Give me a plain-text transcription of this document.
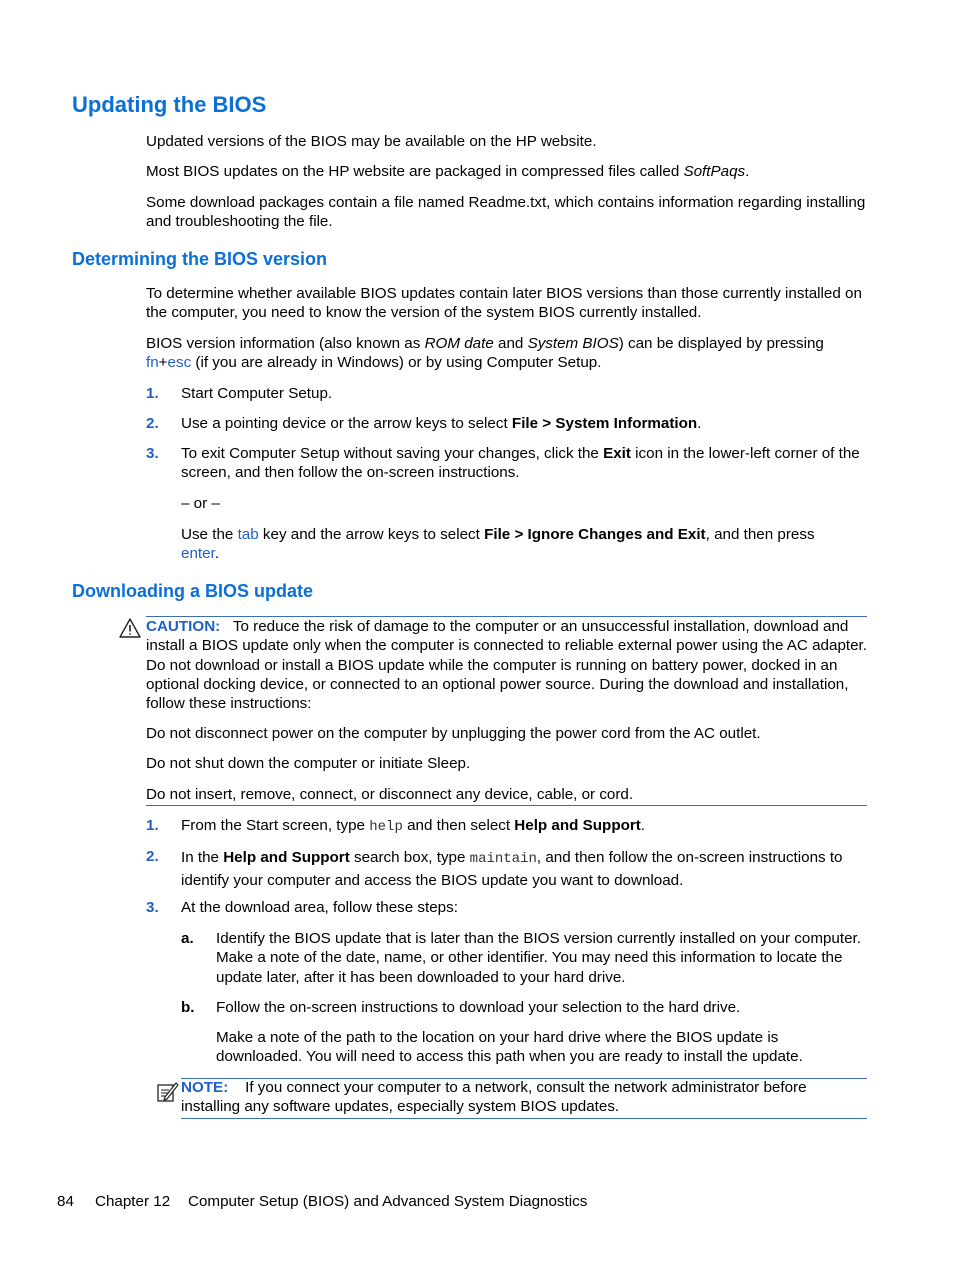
Updating the BIOS

Updated versions of the BIOS may be available on the HP website.

Most BIOS updates on the HP website are packaged in compressed files called SoftPaqs.

Some download packages contain a file named Readme.txt, which contains information regarding installing and troubleshooting the file.

Determining the BIOS version

To determine whether available BIOS updates contain later BIOS versions than those currently installed on the computer, you need to know the version of the system BIOS currently installed.

BIOS version information (also known as ROM date and System BIOS) can be displayed by pressing
fn+esc (if you are already in Windows) or by using Computer Setup.

1. Start Computer Setup.

2. Use a pointing device or the arrow keys to select File > System Information.

3. To exit Computer Setup without saving your changes, click the Exit icon in the lower-left corner of the screen, and then follow the on-screen instructions.

– or –

Use the tab key and the arrow keys to select File > Ignore Changes and Exit, and then press
enter.

Downloading a BIOS update

CAUTION: To reduce the risk of damage to the computer or an unsuccessful installation, download and install a BIOS update only when the computer is connected to reliable external power using the AC adapter. Do not download or install a BIOS update while the computer is running on battery power, docked in an optional docking device, or connected to an optional power source. During the download and installation, follow these instructions:

Do not disconnect power on the computer by unplugging the power cord from the AC outlet.

Do not shut down the computer or initiate Sleep.

Do not insert, remove, connect, or disconnect any device, cable, or cord.

1. From the Start screen, type help and then select Help and Support.

2. In the Help and Support search box, type maintain, and then follow the on-screen instructions to identify your computer and access the BIOS update you want to download.

3. At the download area, follow these steps:

a. Identify the BIOS update that is later than the BIOS version currently installed on your computer. Make a note of the date, name, or other identifier. You may need this information to locate the update later, after it has been downloaded to your hard drive.

b. Follow the on-screen instructions to download your selection to the hard drive.

Make a note of the path to the location on your hard drive where the BIOS update is downloaded. You will need to access this path when you are ready to install the update.

NOTE: If you connect your computer to a network, consult the network administrator before installing any software updates, especially system BIOS updates.

84 Chapter 12 Computer Setup (BIOS) and Advanced System Diagnostics
